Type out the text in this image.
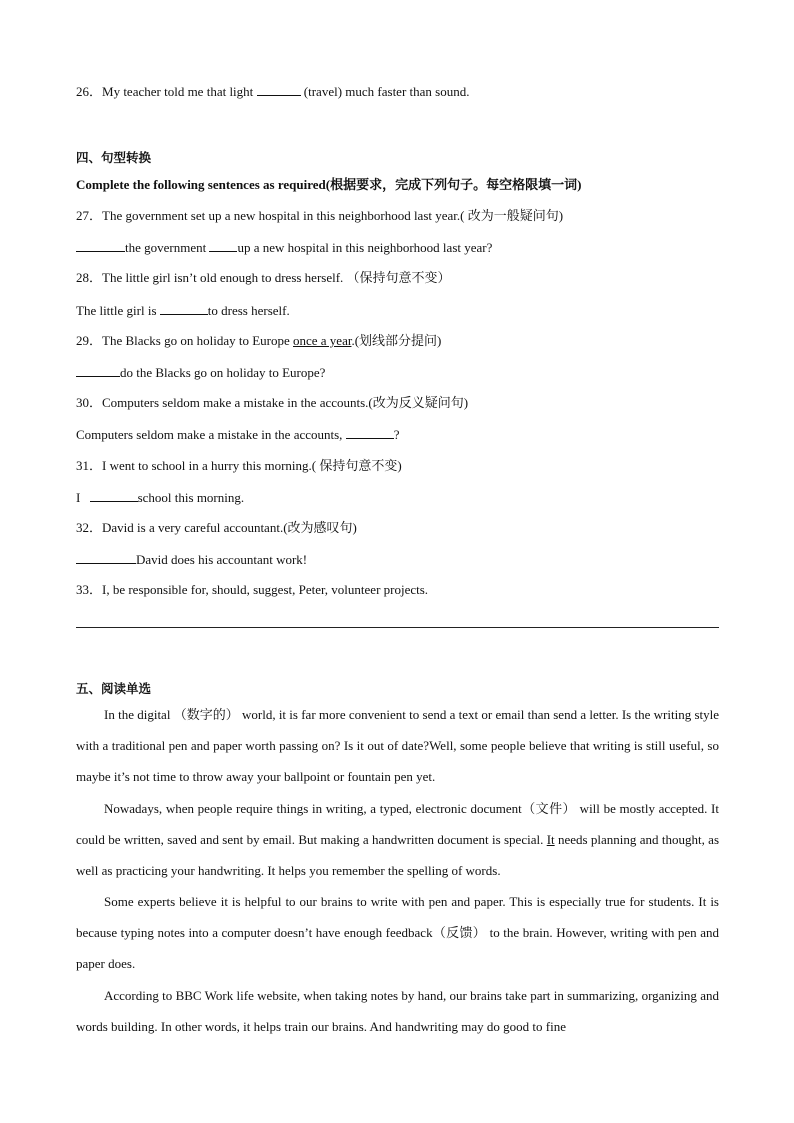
26．My teacher told me that light	(travel) much faster than sound.
四、句型转换
Complete the following sentences as required(根据要求，完成下列句子。每空格限填一词)
27．The government set up a new hospital in this neighborhood last year.( 改为一般疑问句)
the government up a new hospital in this neighborhood last year?
28．The little girl isn’t old enough to dress herself. （保持句意不变）
The little girl is	to dress herself.
29．The Blacks go on holiday to Europe once a year.(划线部分提问)
do the Blacks go on holiday to Europe?
30．Computers seldom make a mistake in the accounts.(改为反义疑问句)
Computers seldom make a mistake in the accounts,	?
31．I went to school in a hurry this morning.( 保持句意不变)
I	school this morning.
32．David is a very careful accountant.(改为感叹句)
David does his accountant work!
33．I, be responsible for, should, suggest, Peter, volunteer projects.
五、阅读单选
In the digital （数字的） world, it is far more convenient to send a text or email than send a letter. Is the writing style with a traditional pen and paper worth passing on? Is it out of date?Well, some people believe that writing is still useful, so maybe it’s not time to throw away your ballpoint or fountain pen yet.
Nowadays, when people require things in writing, a typed, electronic document（文件） will be mostly accepted. It could be written, saved and sent by email. But making a handwritten document is special. It needs planning and thought, as well as practicing your handwriting. It helps you remember the spelling of words.
Some experts believe it is helpful to our brains to write with pen and paper. This is especially true for students. It is because typing notes into a computer doesn’t have enough feedback（反馈） to the brain. However, writing with pen and paper does.
According to BBC Work life website, when taking notes by hand, our brains take part in summarizing, organizing and words building. In other words, it helps train our brains. And handwriting may do good to fine
